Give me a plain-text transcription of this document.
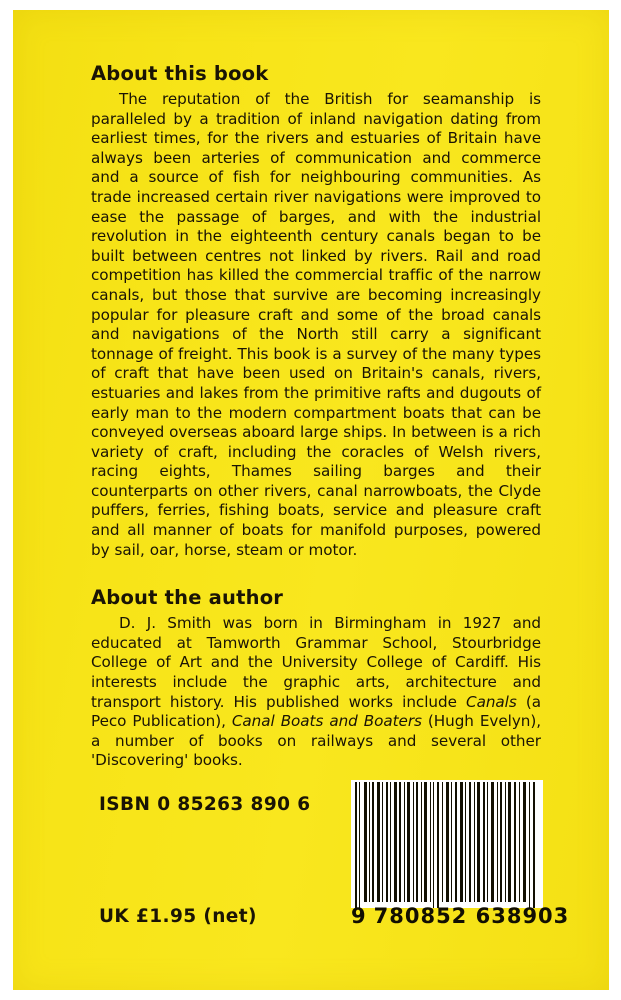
About this book

The reputation of the British for seamanship is paralleled by a tradition of inland navigation dating from earliest times, for the rivers and estuaries of Britain have always been arteries of communication and commerce and a source of fish for neighbouring communities. As trade increased certain river navigations were improved to ease the passage of barges, and with the industrial revolution in the eighteenth century canals began to be built between centres not linked by rivers. Rail and road competition has killed the commercial traffic of the narrow canals, but those that survive are becoming increasingly popular for pleasure craft and some of the broad canals and navigations of the North still carry a significant tonnage of freight. This book is a survey of the many types of craft that have been used on Britain's canals, rivers, estuaries and lakes from the primitive rafts and dugouts of early man to the modern compartment boats that can be conveyed overseas aboard large ships. In between is a rich variety of craft, including the coracles of Welsh rivers, racing eights, Thames sailing barges and their counterparts on other rivers, canal narrowboats, the Clyde puffers, ferries, fishing boats, service and pleasure craft and all manner of boats for manifold purposes, powered by sail, oar, horse, steam or motor.

About the author

D. J. Smith was born in Birmingham in 1927 and educated at Tamworth Grammar School, Stourbridge College of Art and the University College of Cardiff. His interests include the graphic arts, architecture and transport history. His published works include Canals (a Peco Publication), Canal Boats and Boaters (Hugh Evelyn), a number of books on railways and several other 'Discovering' books.

ISBN 0 85263 890 6
UK £1.95 (net)	9 780852 638903
